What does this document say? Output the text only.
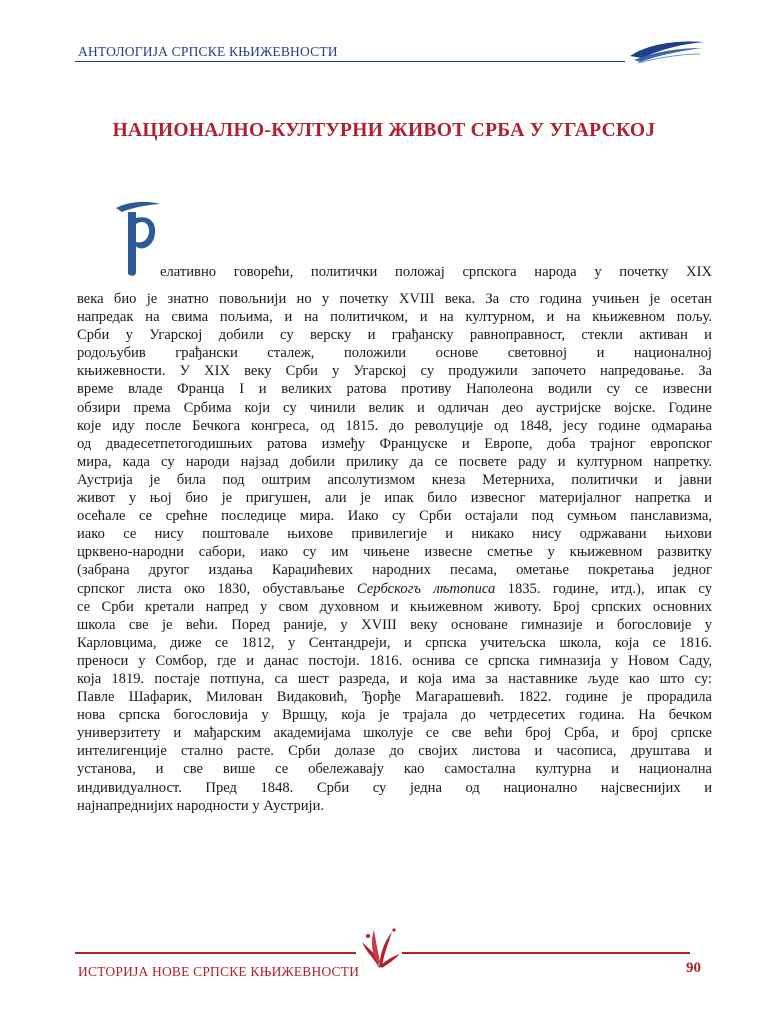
АНТОЛОГИЈА СРПСКЕ КЊИЖЕВНОСТИ
НАЦИОНАЛНО-КУЛТУРНИ ЖИВОТ СРБА У УГАРСКОЈ
Р
елативно говорећи, политички положај српскога народа у почетку XIX
века био је знатно повољнији но у почетку XVIII века. За сто година учињен је осетан
напредак на свима пољима, и на политичком, и на културном, и на књижевном пољу.
Срби у Угарској добили су верску и грађанску равноправност, стекли активан и
родољубив грађански сталеж, положили основе световној и националној
књижевности. У XIX веку Срби у Угарској су продужили започето напредовање. За
време владе Франца I и великих ратова противу Наполеона водили су се извесни
обзири према Србима који су чинили велик и одличан део аустријске војске. Године
које иду после Бечкога конгреса, од 1815. до револуције од 1848, јесу године одмарања
од двадесетпетогодишњих ратова између Француске и Европе, доба трајног европског
мира, када су народи најзад добили прилику да се посвете раду и културном напретку.
Аустрија је била под оштрим апсолутизмом кнеза Метерниха, политички и јавни
живот у њој био је пригушен, али је ипак било извесног материјалног напретка и
осећале се срећне последице мира. Иако су Срби остајали под сумњом панславизма,
иако се нису поштовале њихове привилегије и никако нису одржавани њихови
црквено-народни сабори, иако су им чињене извесне сметње у књижевном развитку
(забрана другог издања Караџићевих народних песама, ометање покретања једног
српског листа око 1830, обустављање Сербскогъ лѣтописа 1835. године, итд.), ипак су
се Срби кретали напред у свом духовном и књижевном животу. Број српских основних
школа све је већи. Поред раније, у XVIII веку основане гимназије и богословије у
Карловцима, диже се 1812, у Сентандреји, и српска учитељска школа, која се 1816.
преноси у Сомбор, где и данас постоји. 1816. оснива се српска гимназија у Новом Саду,
која 1819. постаје потпуна, са шест разреда, и која има за наставнике људе као што су:
Павле Шафарик, Милован Видаковић, Ђорђе Магарашевић. 1822. године је прорадила
нова српска богословија у Вршцу, која је трајала до четрдесетих година. На бечком
универзитету и мађарским академијама школује се све већи број Срба, и број српске
интелигенције стално расте. Срби долазе до својих листова и часописа, друштава и
установа, и све више се обележавају као самостална културна и национална
индивидуалност. Пред 1848. Срби су једна од национално најсвеснијих и
најнапреднијих народности у Аустрији.
ИСТОРИЈА НОВЕ СРПСКЕ КЊИЖЕВНОСТИ	90
